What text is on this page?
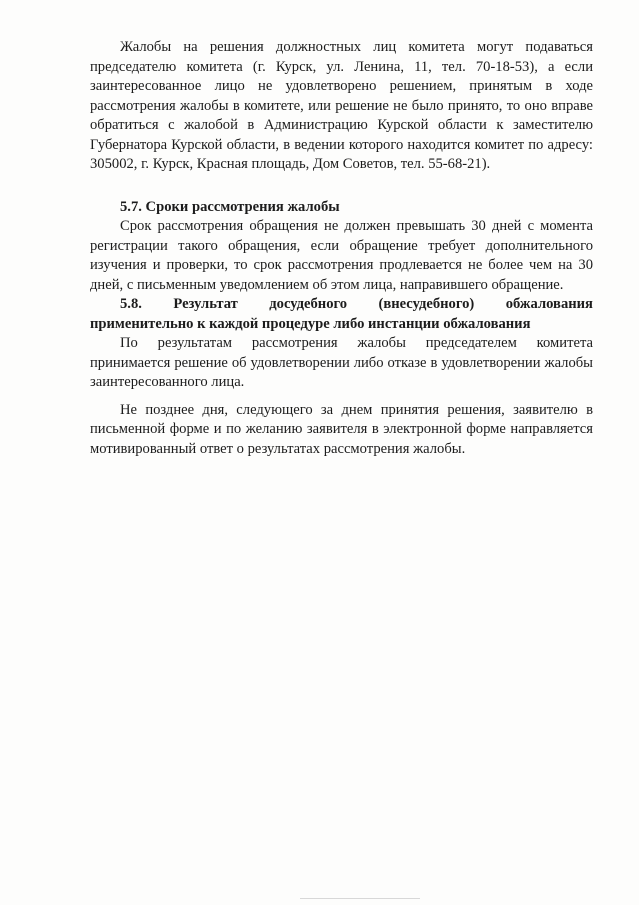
Жалобы на решения должностных лиц комитета могут подаваться председателю комитета (г. Курск, ул. Ленина, 11, тел. 70-18-53), а если заинтересованное лицо не удовлетворено решением, принятым в ходе рассмотрения жалобы в комитете, или решение не было принято, то оно вправе обратиться с жалобой в Администрацию Курской области к заместителю Губернатора Курской области, в ведении которого находится комитет по адресу: 305002, г. Курск, Красная площадь, Дом Советов, тел. 55-68-21).

5.7. Сроки рассмотрения жалобы

Срок рассмотрения обращения не должен превышать 30 дней с момента регистрации такого обращения, если обращение требует дополнительного изучения и проверки, то срок рассмотрения продлевается не более чем на 30 дней, с письменным уведомлением об этом лица, направившего обращение.

5.8. Результат досудебного (внесудебного) обжалования
применительно к каждой процедуре либо инстанции обжалования

По результатам рассмотрения жалобы председателем комитета принимается решение об удовлетворении либо отказе в удовлетворении жалобы заинтересованного лица.

Не позднее дня, следующего за днем принятия решения, заявителю в письменной форме и по желанию заявителя в электронной форме направляется мотивированный ответ о результатах рассмотрения жалобы.
